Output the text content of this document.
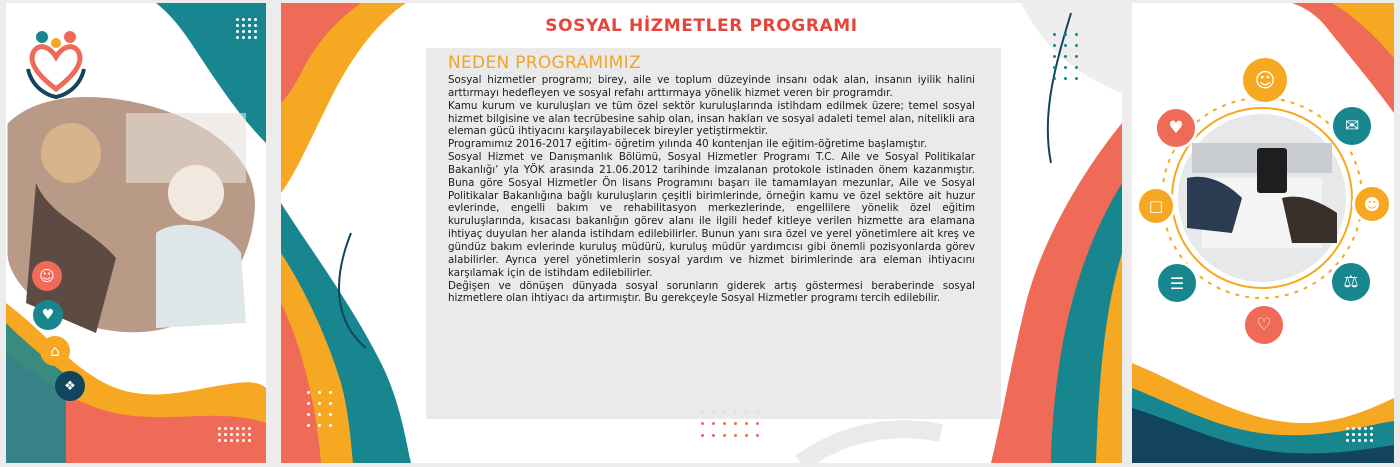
☺
♥
⌂
❖
SOSYAL HİZMETLER PROGRAMI
NEDEN PROGRAMIMIZ

Sosyal hizmetler programı; birey, aile ve toplum düzeyinde insanı odak alan, insanın iyilik halini arttırmayı hedefleyen ve sosyal refahı arttırmaya yönelik hizmet veren bir programdır.

Kamu kurum ve kuruluşları ve tüm özel sektör kuruluşlarında istihdam edilmek üzere; temel sosyal hizmet bilgisine ve alan tecrübesine sahip olan, insan hakları ve sosyal adaleti temel alan, nitelikli ara eleman gücü ihtiyacını karşılayabilecek bireyler yetiştirmektir.

Programımız 2016-2017 eğitim- öğretim yılında 40 kontenjan ile eğitim-öğretime başlamıştır.

Sosyal Hizmet ve Danışmanlık Bölümü, Sosyal Hizmetler Programı T.C. Aile ve Sosyal Politikalar Bakanlığı’ yla YÖK arasında 21.06.2012 tarihinde imzalanan protokole istinaden önem kazanmıştır. Buna göre Sosyal Hizmetler Ön lisans Programını başarı ile tamamlayan mezunlar, Aile ve Sosyal Politikalar Bakanlığına bağlı kuruluşların çeşitli birimlerinde, örneğin kamu ve özel sektöre ait huzur evlerinde, engelli bakım ve rehabilitasyon merkezlerinde, engellilere yönelik özel eğitim kuruluşlarında, kısacası bakanlığın görev alanı ile ilgili hedef kitleye verilen hizmette ara elamana ihtiyaç duyulan her alanda istihdam edilebilirler. Bunun yanı sıra özel ve yerel yönetimlere ait kreş ve gündüz bakım evlerinde kuruluş müdürü, kuruluş müdür yardımcısı gibi önemli pozisyonlarda görev alabilirler. Ayrıca yerel yönetimlerin sosyal yardım ve hizmet birimlerinde ara eleman ihtiyacını karşılamak için de istihdam edilebilirler.

Değişen ve dönüşen dünyada sosyal sorunların giderek artış göstermesi beraberinde sosyal hizmetlere olan ihtiyacı da artırmıştır. Bu gerekçeyle Sosyal Hizmetler programı tercih edilebilir.

☺
✉
☻
⚖
♡
☰
□
♥
